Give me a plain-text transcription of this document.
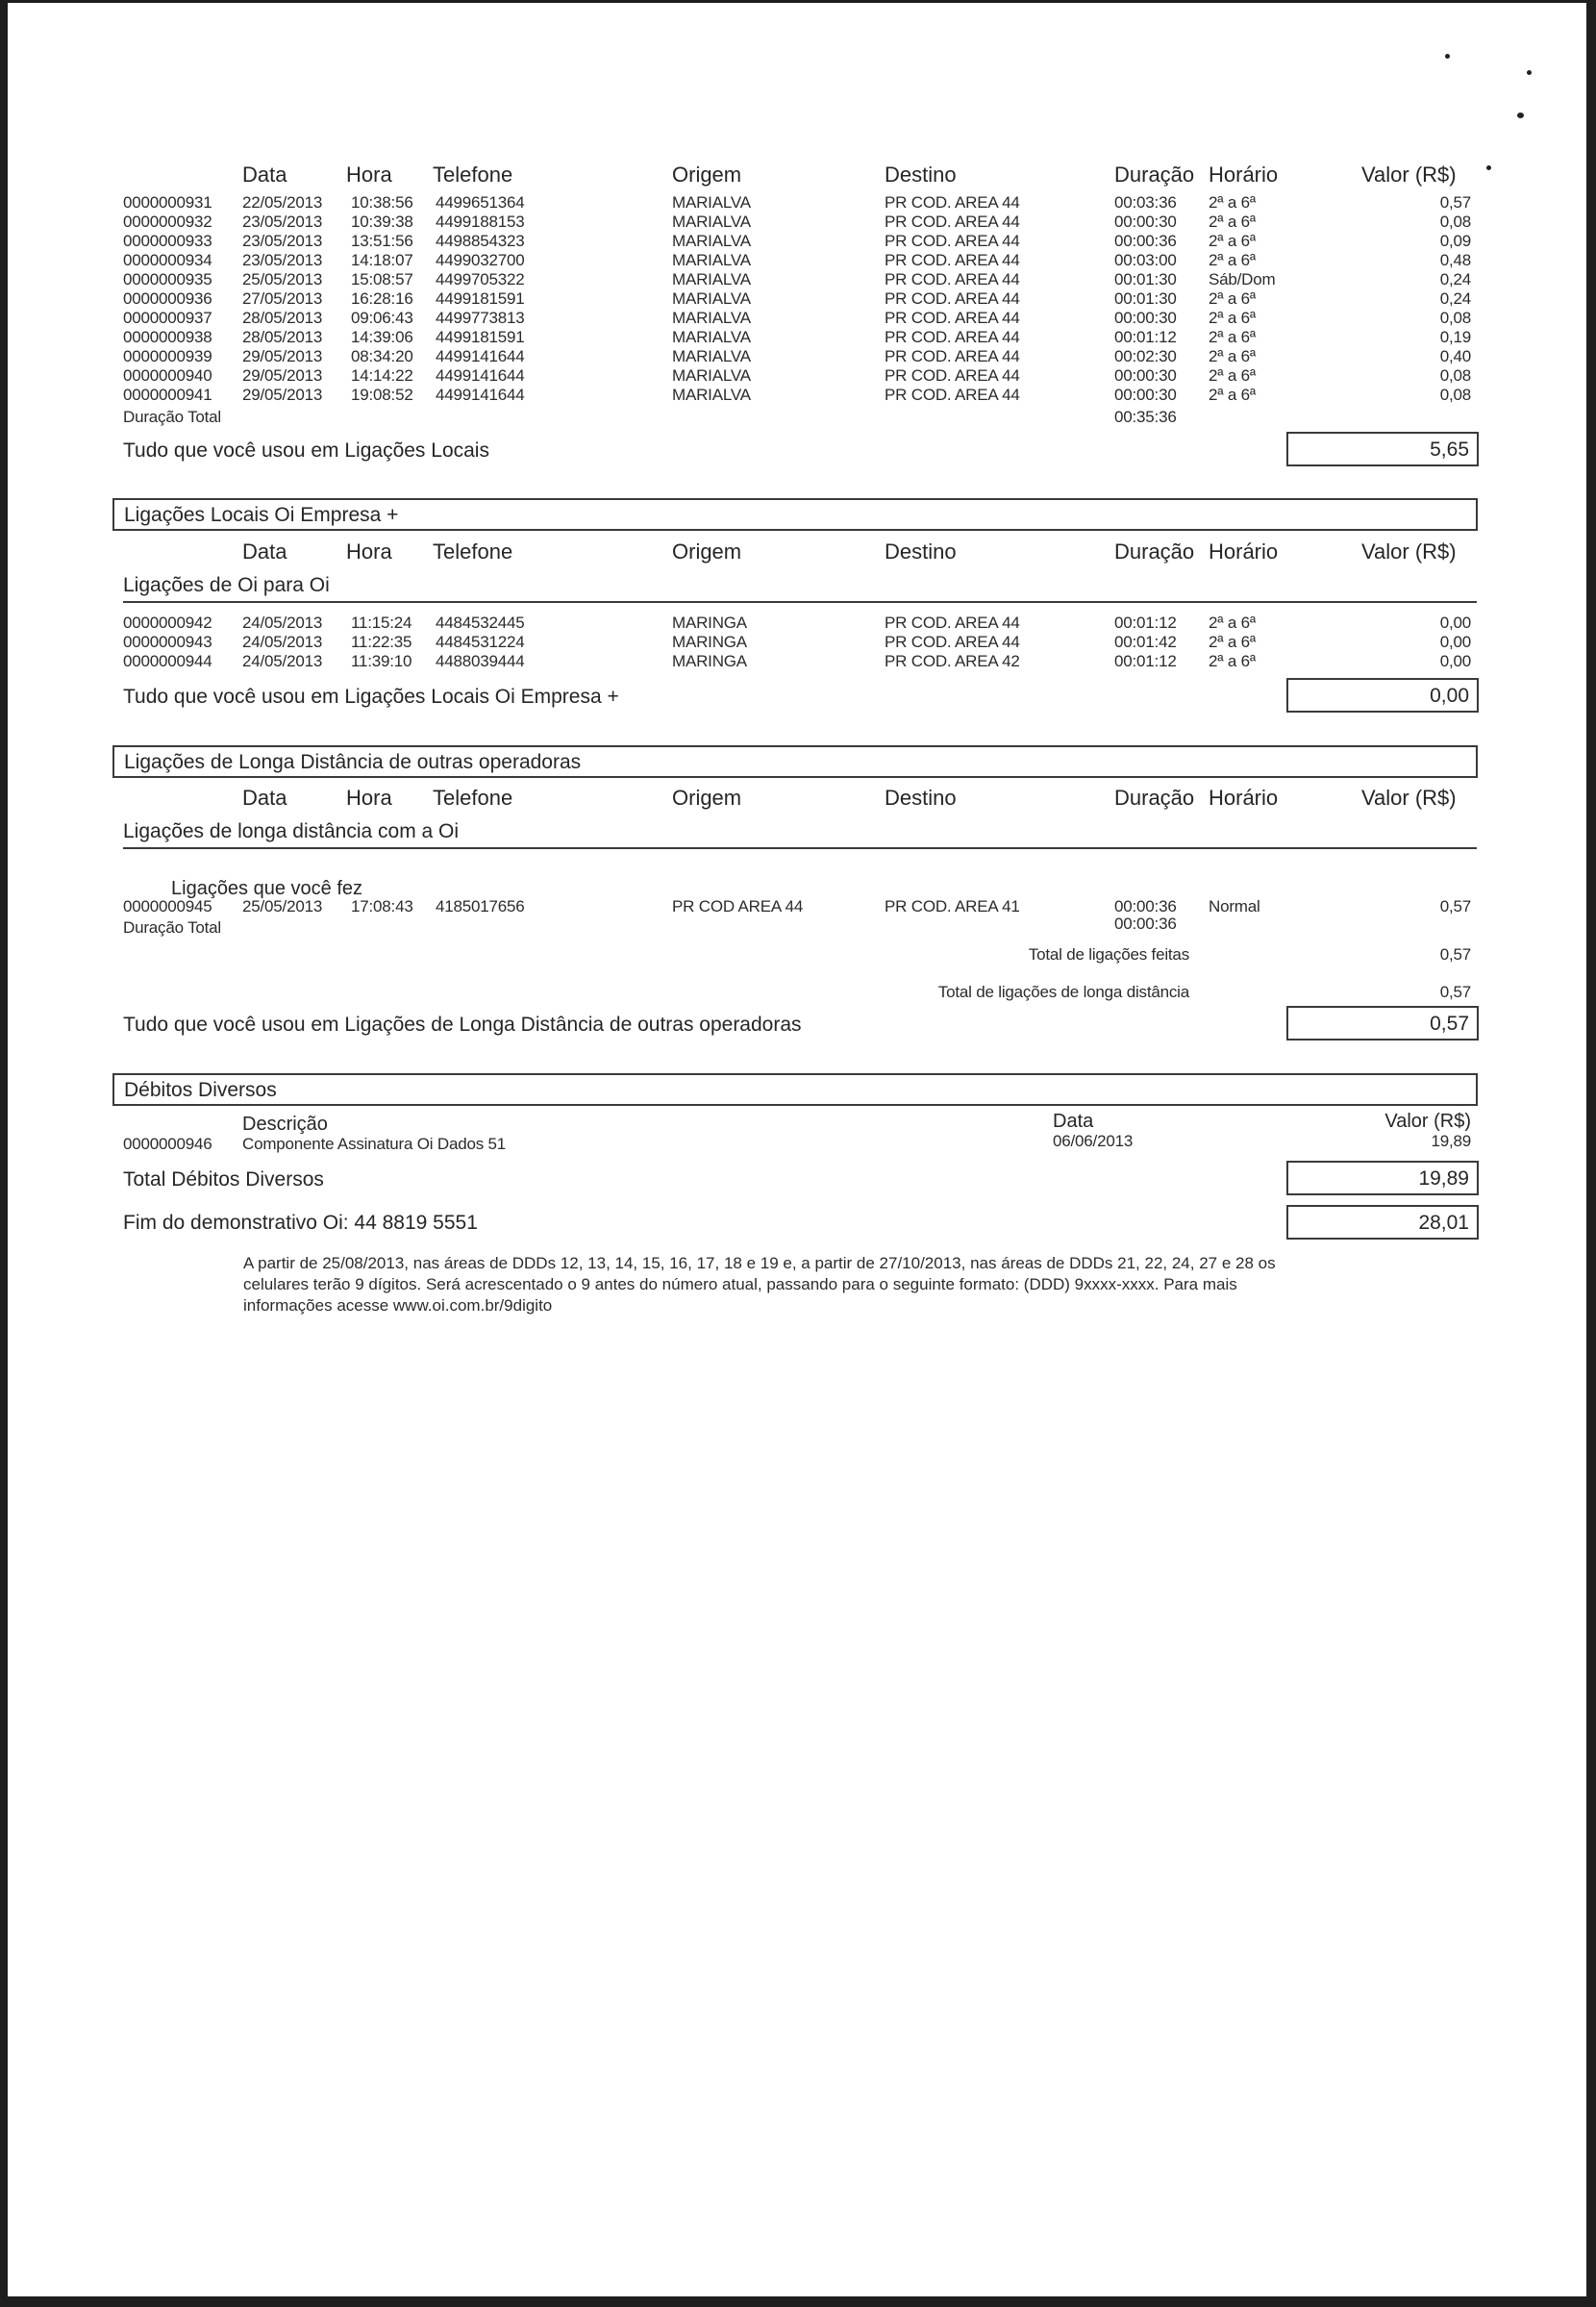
Data	Hora Telefone	Origem	Destino	Duração Horário	Valor (R$)
0000000931 22/05/2013 10:38:56 4499651364	MARIALVA	PR COD. AREA 44	00:03:36 2ª a 6ª	0,57
0000000932 23/05/2013 10:39:38 4499188153	MARIALVA	PR COD. AREA 44	00:00:30 2ª a 6ª	0,08
0000000933 23/05/2013 13:51:56 4498854323	MARIALVA	PR COD. AREA 44	00:00:36 2ª a 6ª	0,09
0000000934 23/05/2013 14:18:07 4499032700	MARIALVA	PR COD. AREA 44	00:03:00 2ª a 6ª	0,48
0000000935 25/05/2013 15:08:57 4499705322	MARIALVA	PR COD. AREA 44	00:01:30 Sáb/Dom	0,24
0000000936 27/05/2013 16:28:16 4499181591	MARIALVA	PR COD. AREA 44	00:01:30 2ª a 6ª	0,24
0000000937 28/05/2013 09:06:43 4499773813	MARIALVA	PR COD. AREA 44	00:00:30 2ª a 6ª	0,08
0000000938 28/05/2013 14:39:06 4499181591	MARIALVA	PR COD. AREA 44	00:01:12 2ª a 6ª	0,19
0000000939 29/05/2013 08:34:20 4499141644	MARIALVA	PR COD. AREA 44	00:02:30 2ª a 6ª	0,40
0000000940 29/05/2013 14:14:22 4499141644	MARIALVA	PR COD. AREA 44	00:00:30 2ª a 6ª	0,08
0000000941 29/05/2013 19:08:52 4499141644	MARIALVA	PR COD. AREA 44	00:00:30 2ª a 6ª	0,08
Duração Total	00:35:36
Tudo que você usou em Ligações Locais	5,65
Ligações Locais Oi Empresa +
Data	Hora Telefone	Origem	Destino	Duração Horário	Valor (R$)
Ligações de Oi para Oi
0000000942 24/05/2013 11:15:24 4484532445	MARINGA	PR COD. AREA 44	00:01:12 2ª a 6ª	0,00
0000000943 24/05/2013 11:22:35 4484531224	MARINGA	PR COD. AREA 44	00:01:42 2ª a 6ª	0,00
0000000944 24/05/2013 11:39:10 4488039444	MARINGA	PR COD. AREA 42	00:01:12 2ª a 6ª	0,00
Tudo que você usou em Ligações Locais Oi Empresa +	0,00
Ligações de Longa Distância de outras operadoras
Data	Hora Telefone	Origem	Destino	Duração Horário	Valor (R$)
Ligações de longa distância com a Oi
Ligações que você fez
0000000945 25/05/2013 17:08:43 4185017656	PR COD AREA 44	PR COD. AREA 41	00:00:36 Normal	0,57
Duração Total	00:00:36
Total de ligações feitas	0,57
Total de ligações de longa distância	0,57
Tudo que você usou em Ligações de Longa Distância de outras operadoras	0,57
Débitos Diversos
Descrição	Data	Valor (R$)
0000000946 Componente Assinatura Oi Dados 51	06/06/2013	19,89
Total Débitos Diversos	19,89
Fim do demonstrativo Oi: 44 8819 5551	28,01
A partir de 25/08/2013, nas áreas de DDDs 12, 13, 14, 15, 16, 17, 18 e 19 e, a partir de 27/10/2013, nas áreas de DDDs 21, 22, 24, 27 e 28 os
celulares terão 9 dígitos. Será acrescentado o 9 antes do número atual, passando para o seguinte formato: (DDD) 9xxxx-xxxx. Para mais
informações acesse www.oi.com.br/9digito
